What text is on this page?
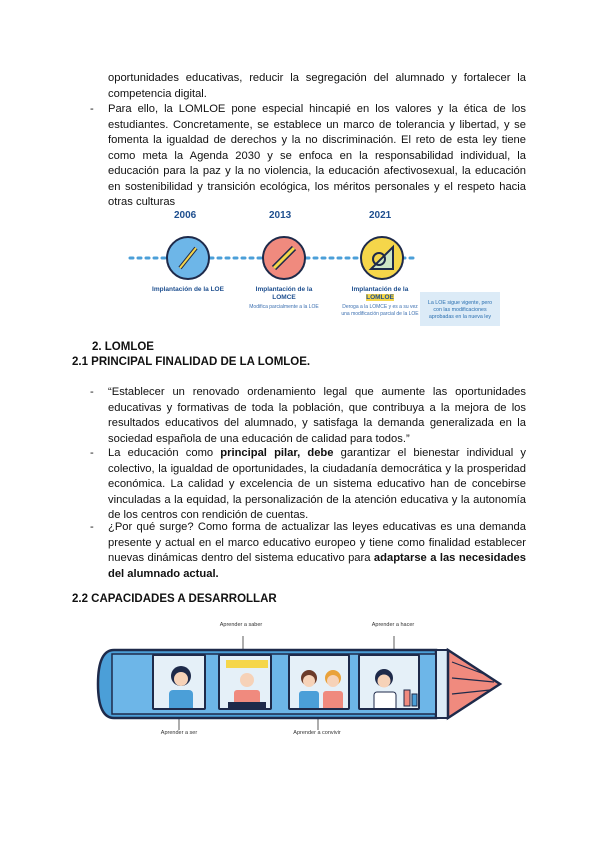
oportunidades educativas, reducir la segregación del alumnado y fortalecer la competencia digital.
- Para ello, la LOMLOE pone especial hincapié en los valores y la ética de los estudiantes. Concretamente, se establece un marco de tolerancia y libertad, y se fomenta la igualdad de derechos y la no discriminación. El reto de esta ley tiene como meta la Agenda 2030 y se enfoca en la responsabilidad individual, la educación para la paz y la no violencia, la educación afectivosexual, la educación en sostenibilidad y transición ecológica, los méritos personales y el respeto hacia otras culturas
2006	2013	2021
Implantación de la LOE	Implantación de la LOMCE
Modifica parcialmente a la LOE
Implantación de la LOMLOE
Deroga a la LOMCE y es a su vez una modificación parcial de la LOE
La LOE sigue vigente, pero con las modificaciones aprobadas en la nueva ley
2. LOMLOE
2.1 PRINCIPAL FINALIDAD DE LA LOMLOE.
- “Establecer un renovado ordenamiento legal que aumente las oportunidades educativas y formativas de toda la población, que contribuya a la mejora de los resultados educativos del alumnado, y satisfaga la demanda generalizada en la sociedad española de una educación de calidad para todos.”
- La educación como principal pilar, debe garantizar el bienestar individual y colectivo, la igualdad de oportunidades, la ciudadanía democrática y la prosperidad económica. La calidad y excelencia de un sistema educativo han de concebirse vinculadas a la equidad, la personalización de la atención educativa y la autonomía de los centros con rendición de cuentas.
- ¿Por qué surge? Como forma de actualizar las leyes educativas es una demanda presente y actual en el marco educativo europeo y tiene como finalidad establecer nuevas dinámicas dentro del sistema educativo para adaptarse a las necesidades del alumnado actual.
2.2 CAPACIDADES A DESARROLLAR
Aprender a saber	Aprender a hacer
Aprender a ser	Aprender a convivir
